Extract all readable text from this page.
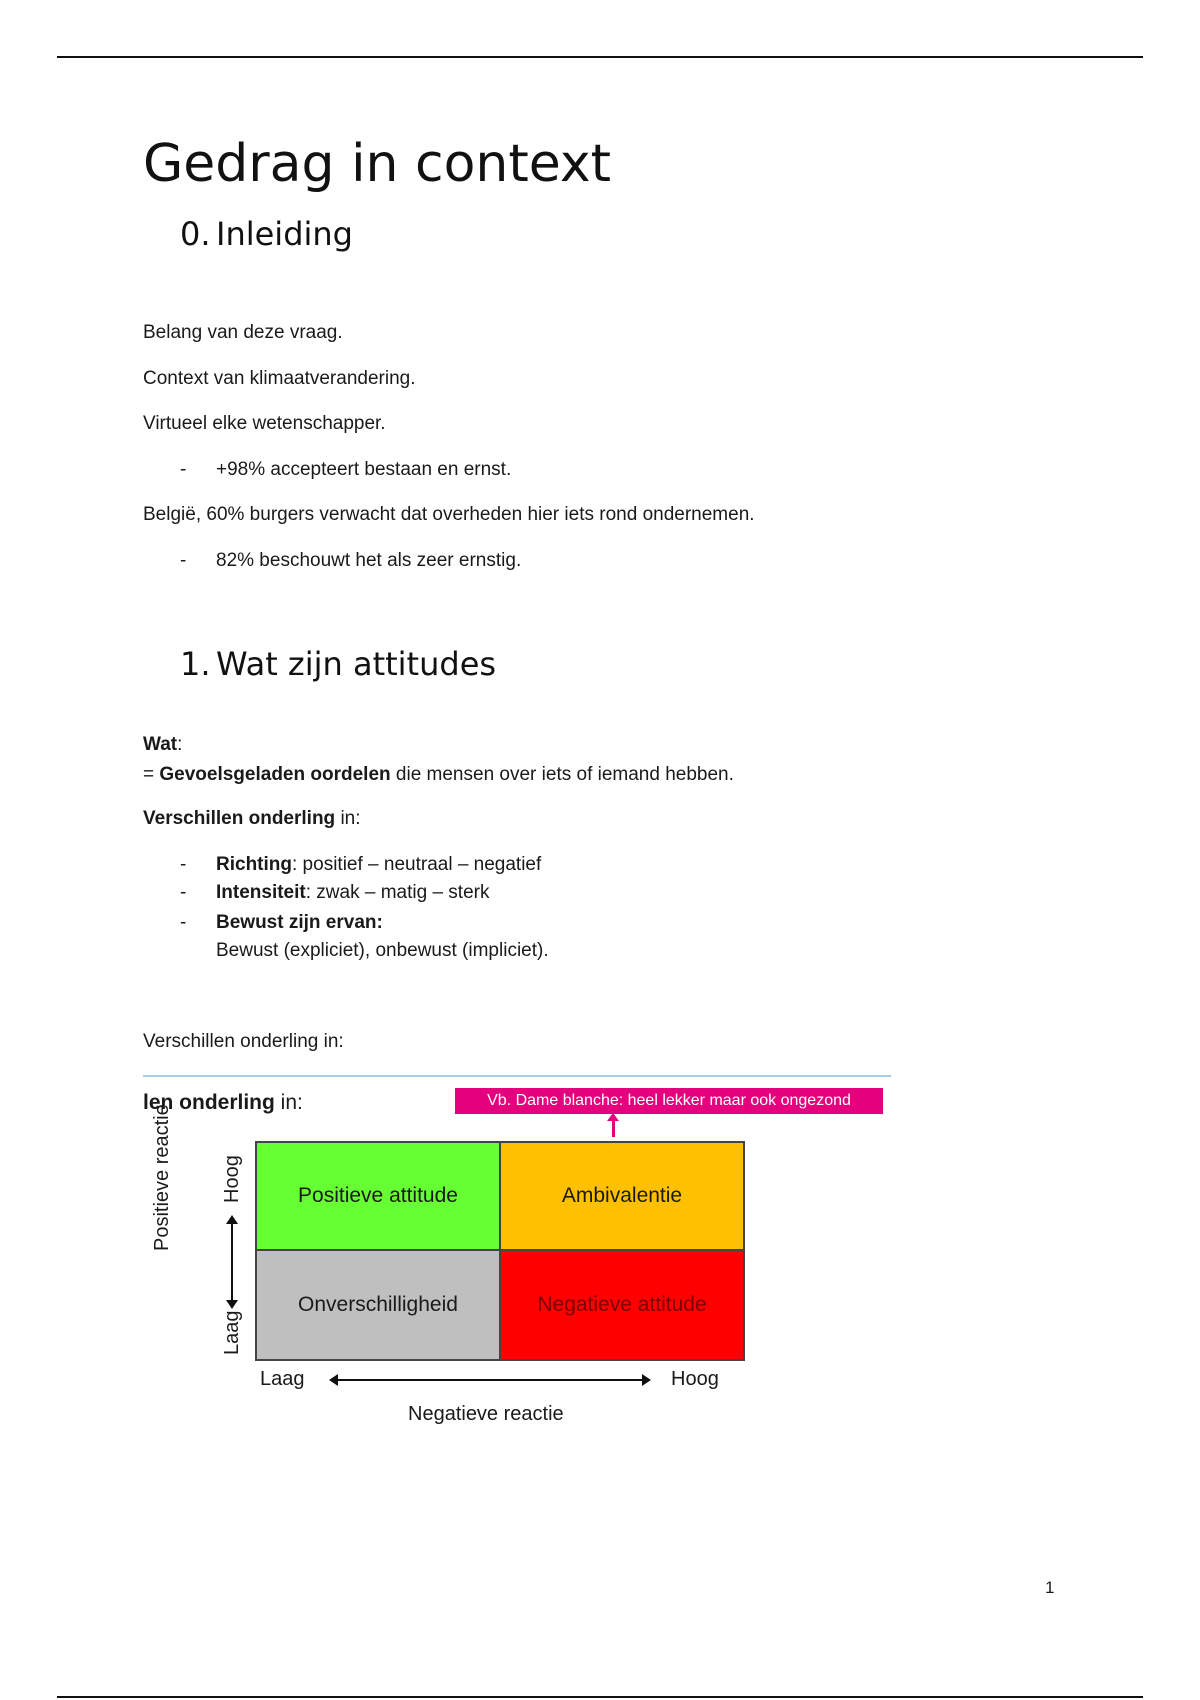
Gedrag in context
0. Inleiding
Belang van deze vraag.
Context van klimaatverandering.
Virtueel elke wetenschapper.
- +98% accepteert bestaan en ernst.
België, 60% burgers verwacht dat overheden hier iets rond ondernemen.
- 82% beschouwt het als zeer ernstig.
1. Wat zijn attitudes
Wat:
= Gevoelsgeladen oordelen die mensen over iets of iemand hebben.
Verschillen onderling in:
- Richting: positief – neutraal – negatief
- Intensiteit: zwak – matig – sterk
- Bewust zijn ervan:
Bewust (expliciet), onbewust (impliciet).
Verschillen onderling in:
len onderling in:	Vb. Dame blanche: heel lekker maar ook ongezond
Positieve attitude	Ambivalentie
Onverschilligheid	Negatieve attitude
Positieve reactie Hoog
Laag
Laag	Hoog
Negatieve reactie
1
